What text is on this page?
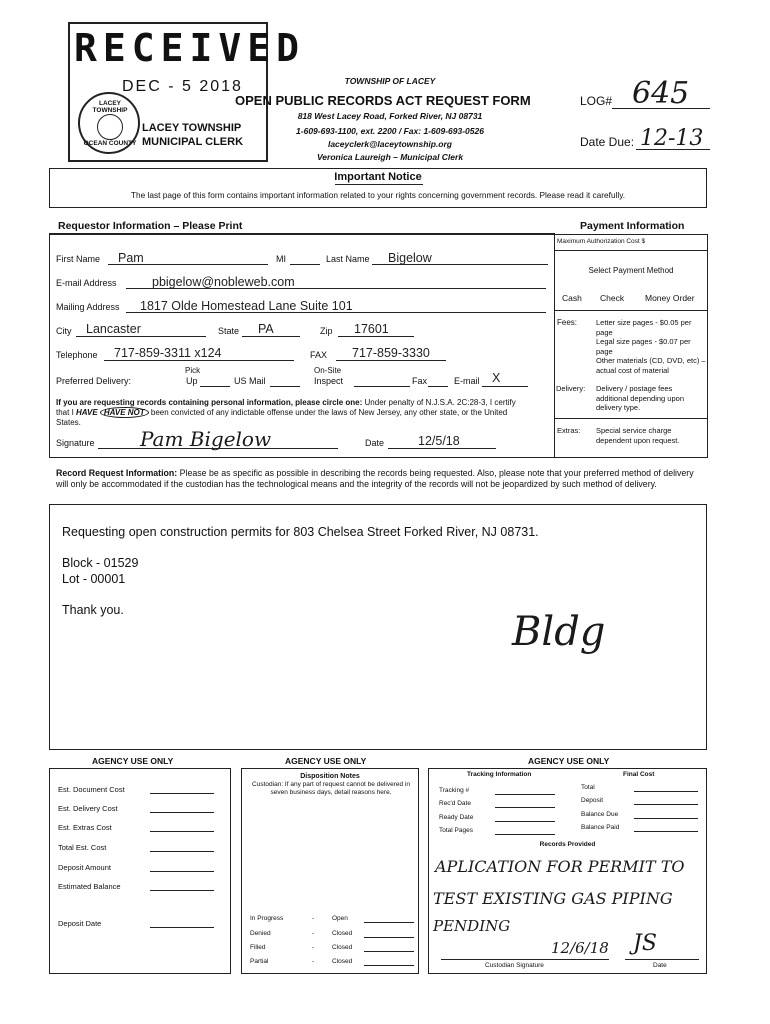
RECEIVED
DEC - 5 2018
LACEY TOWNSHIP
OCEAN COUNTY
LACEY TOWNSHIP
MUNICIPAL CLERK
TOWNSHIP OF LACEY
OPEN PUBLIC RECORDS ACT REQUEST FORM
818 West Lacey Road, Forked River, NJ 08731
1-609-693-1100, ext. 2200 / Fax: 1-609-693-0526
laceyclerk@laceytownship.org
Veronica Laureigh – Municipal Clerk
LOG# 645
Date Due: 12-13
Important Notice
The last page of this form contains important information related to your rights concerning government records. Please read it carefully.
Requestor Information – Please Print
First Name Pam	MI	Last Name Bigelow
E-mail Address	pbigelow@nobleweb.com
Mailing Address 1817 Olde Homestead Lane Suite 101
City Lancaster	State PA	Zip 17601
Telephone 717-859-3311 x124	FAX 717-859-3330
Pick	On-Site
Preferred Delivery:	Up	US Mail	Inspect	Fax	E-mail X
If you are requesting records containing personal information, please circle one: Under penalty of N.J.S.A. 2C:28-3, I certify that I HAVE HAVE NOT been convicted of any indictable offense under the laws of New Jersey, any other state, or the United States.
Signature Pam Bigelow	Date	12/5/18
Payment Information
Maximum Authorization Cost $
Select Payment Method
Cash Check Money Order
Fees:	Letter size pages - $0.05 per page
Legal size pages - $0.07 per page
Other materials (CD, DVD, etc) – actual cost of material
Delivery: Delivery / postage fees additional depending upon delivery type.
Extras: Special service charge dependent upon request.
Record Request Information: Please be as specific as possible in describing the records being requested. Also, please note that your preferred method of delivery will only be accommodated if the custodian has the technological means and the integrity of the records will not be jeopardized by such method of delivery.
Requesting open construction permits for 803 Chelsea Street Forked River, NJ 08731.
Block - 01529
Lot - 00001
Thank you.	Bldg
AGENCY USE ONLY	AGENCY USE ONLY	AGENCY USE ONLY
Est. Document Cost
Est. Delivery Cost
Est. Extras Cost
Total Est. Cost
Deposit Amount
Estimated Balance
Deposit Date
Disposition Notes
Custodian: If any part of request cannot be delivered in seven business days, detail reasons here.
In Progress	-	Open
Denied	-	Closed
Filled	-	Closed
Partial	-	Closed
Tracking Information	Final Cost
Tracking #
Rec'd Date
Ready Date
Total Pages
Total
Deposit
Balance Due
Balance Paid
Records Provided
APLICATION FOR PERMIT TO
TEST EXISTING GAS PIPING
PENDING
12/6/18 JS
Custodian Signature	Date
